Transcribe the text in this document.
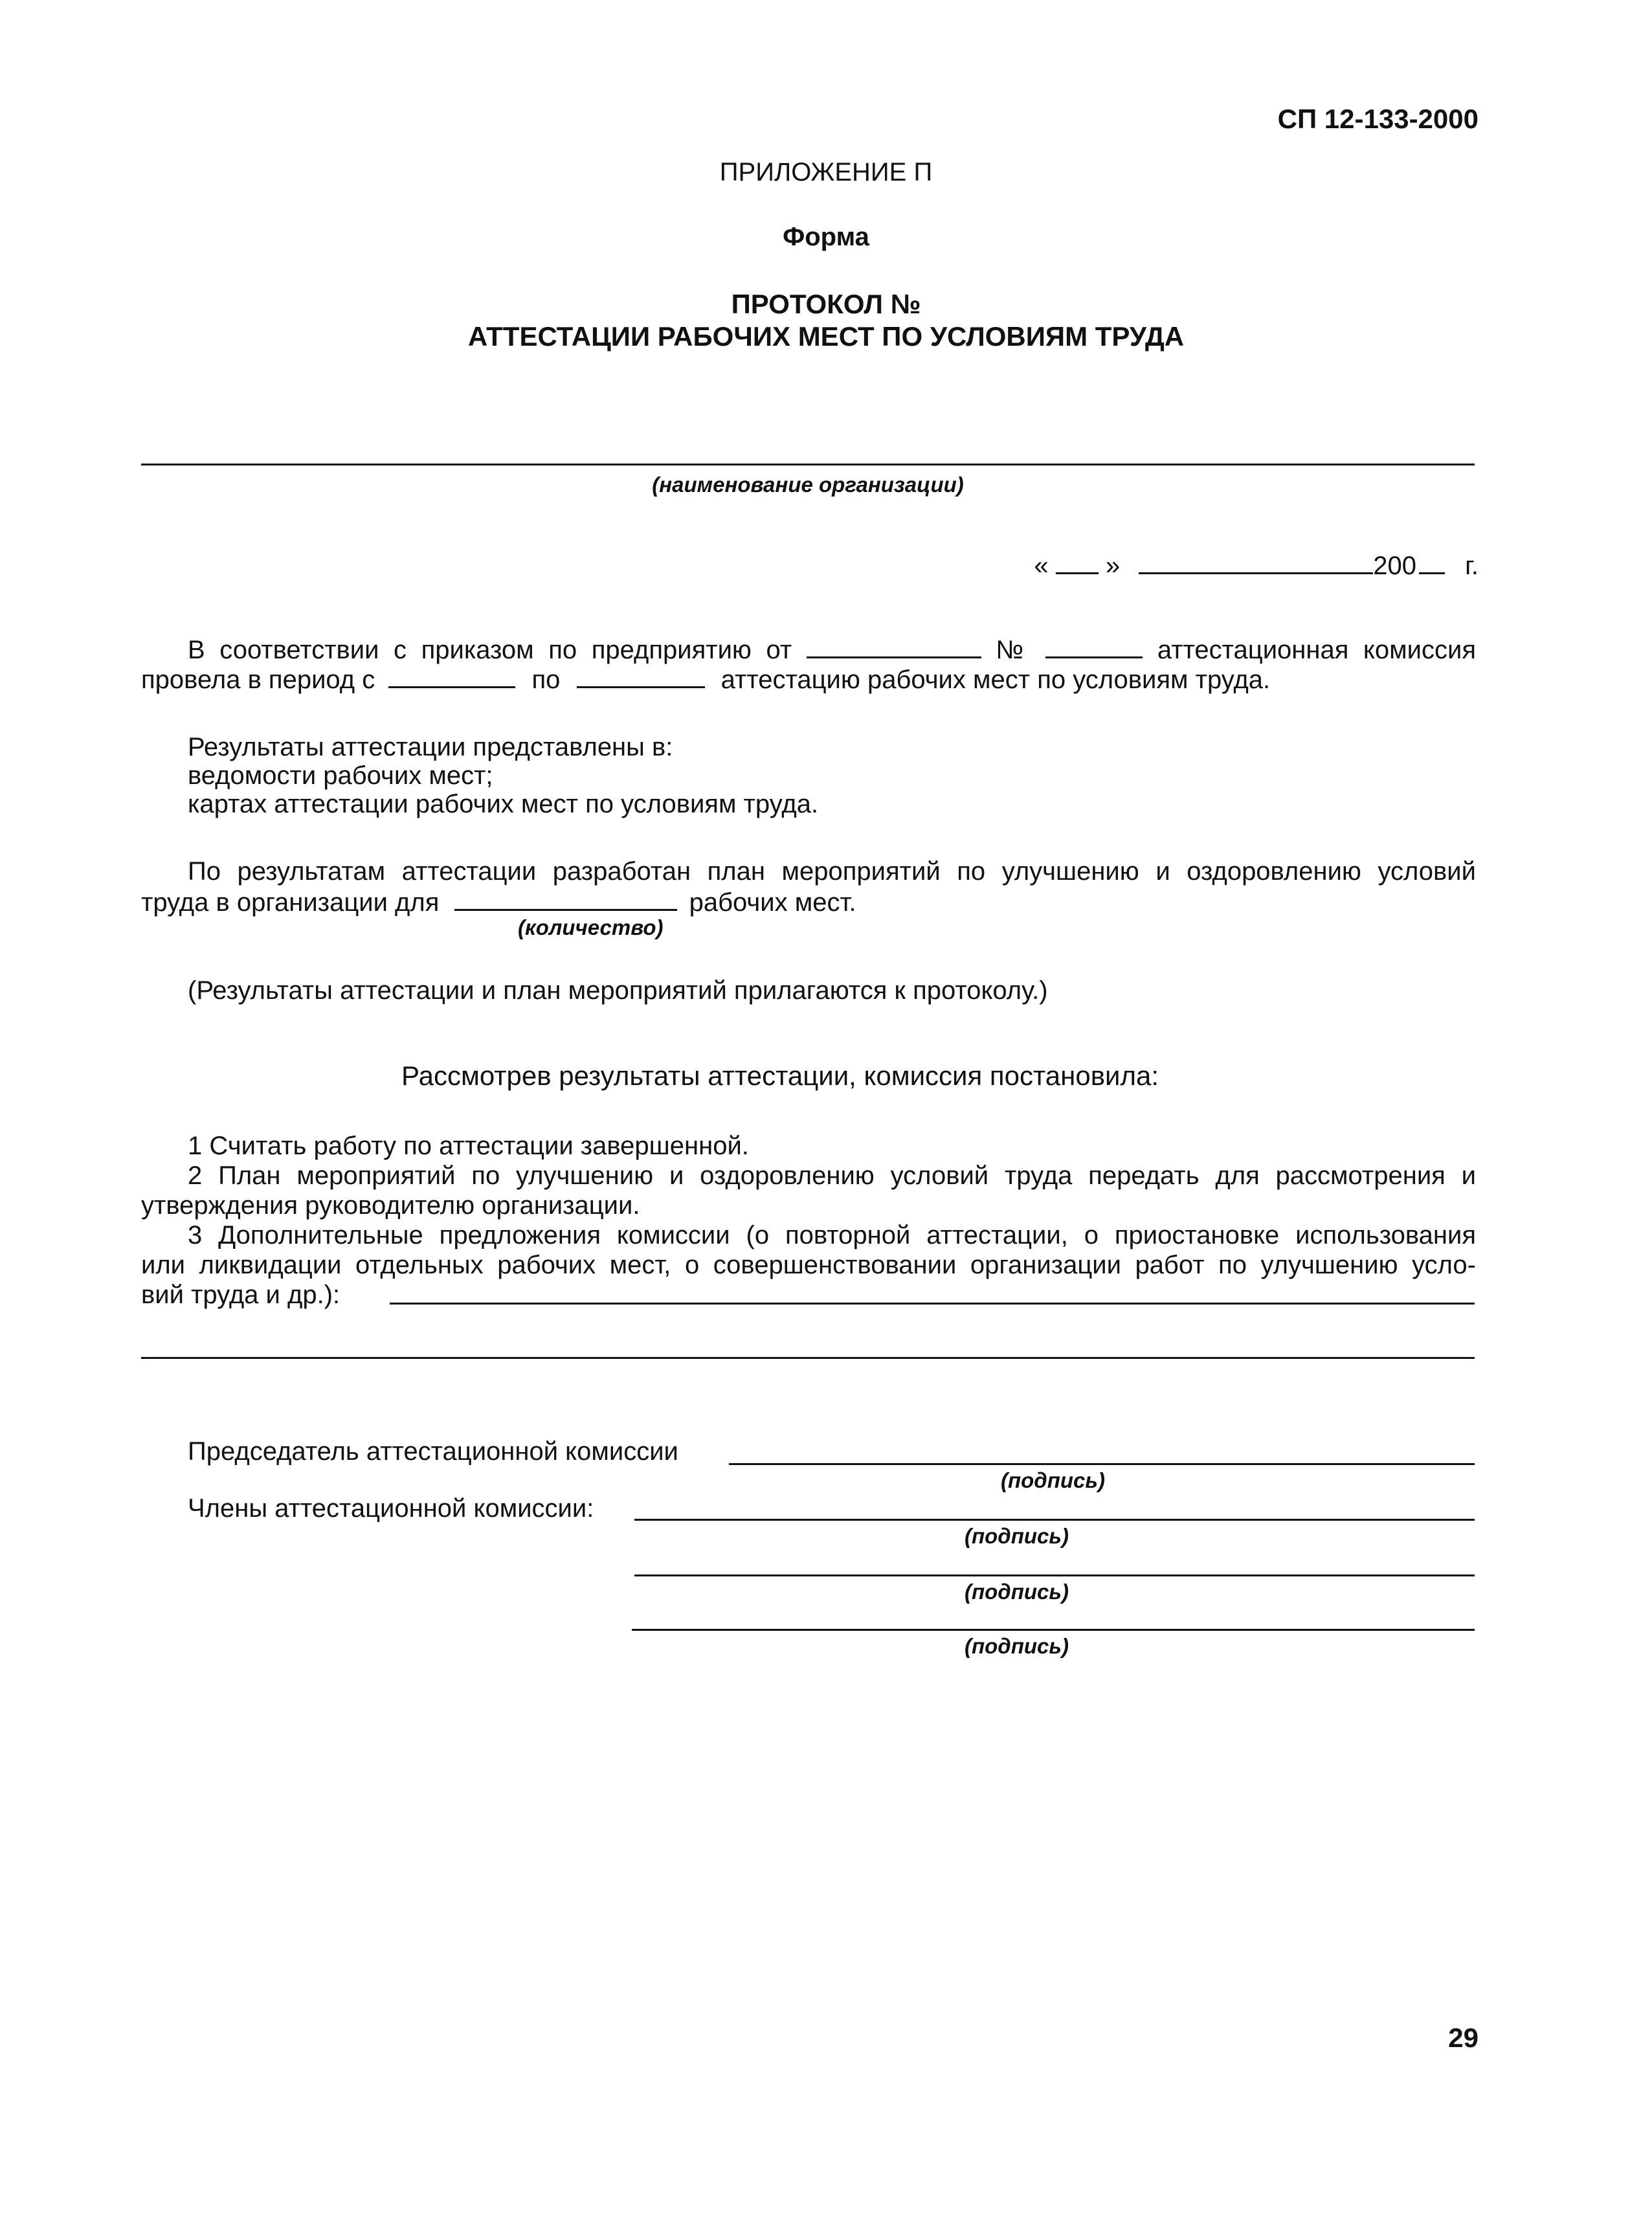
СП 12-133-2000
ПРИЛОЖЕНИЕ П
Форма
ПРОТОКОЛ №
АТТЕСТАЦИИ РАБОЧИХ МЕСТ ПО УСЛОВИЯМ ТРУДА
(наименование организации)
« »	200 г.
В соответствии с приказом по предприятию от	№	аттестационная комиссия
провела в период с	по	аттестацию рабочих мест по условиям труда.
Результаты аттестации представлены в:
ведомости рабочих мест;
картах аттестации рабочих мест по условиям труда.
По результатам аттестации разработан план мероприятий по улучшению и оздоровлению условий
труда в организации для	рабочих мест.
(количество)
(Результаты аттестации и план мероприятий прилагаются к протоколу.)
Рассмотрев результаты аттестации, комиссия постановила:
1 Считать работу по аттестации завершенной.
2 План мероприятий по улучшению и оздоровлению условий труда передать для рассмотрения и
утверждения руководителю организации.
3 Дополнительные предложения комиссии (о повторной аттестации, о приостановке использования
или ликвидации отдельных рабочих мест, о совершенствовании организации работ по улучшению усло-
вий труда и др.):
Председатель аттестационной комиссии
(подпись)
Члены аттестационной комиссии:
(подпись)
(подпись)
(подпись)
29
